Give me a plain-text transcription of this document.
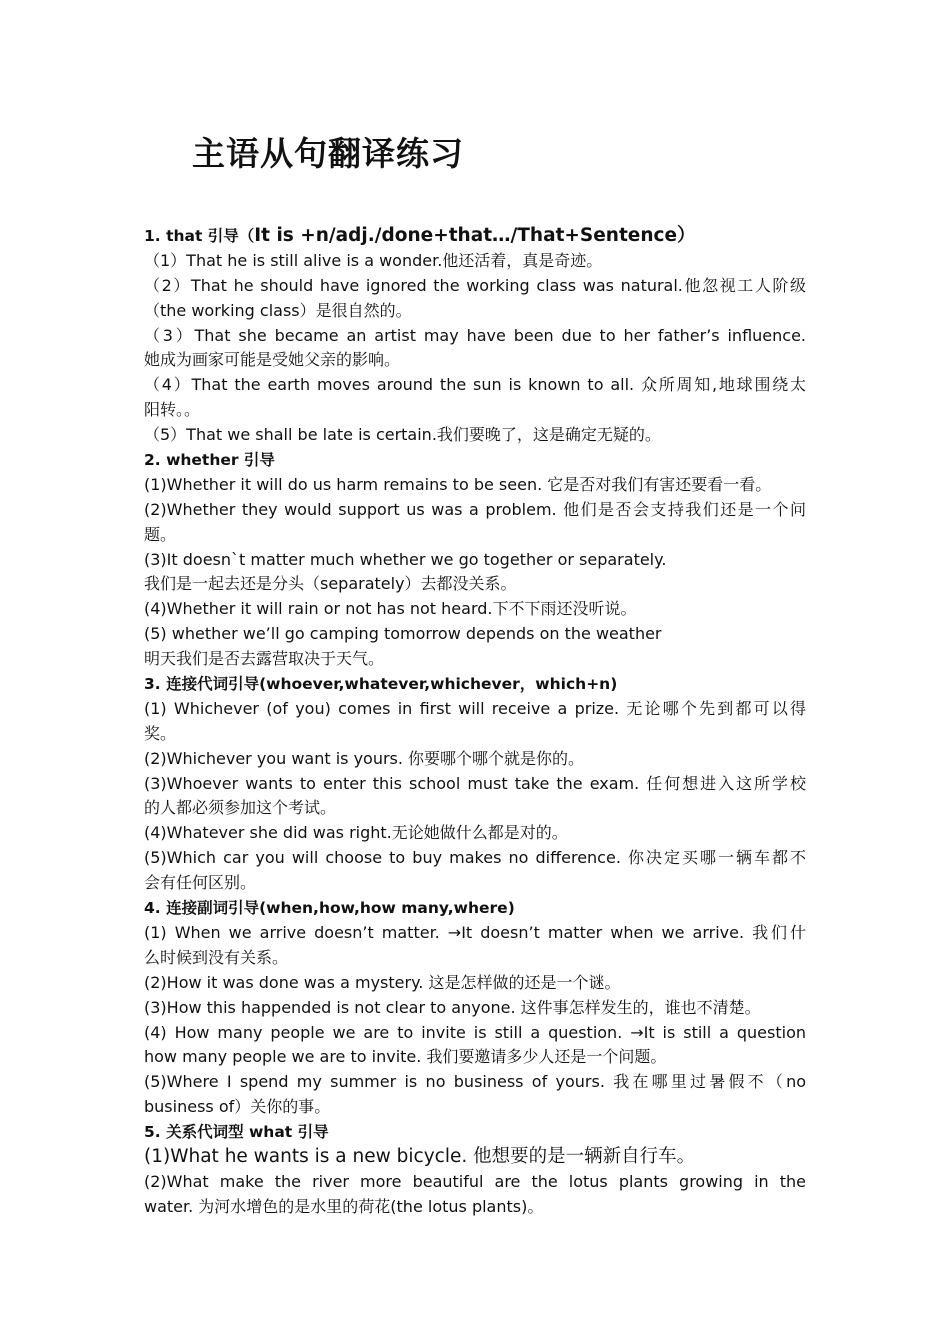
主语从句翻译练习

1. that 引导（It is +n/adj./done+that…/That+Sentence）

（1）That he is still alive is a wonder.他还活着，真是奇迹。

（2）That he should have ignored the working class was natural.他忽视工人阶级

（the working class）是很自然的。

（3）That she became an artist may have been due to her father’s influence.

她成为画家可能是受她父亲的影响。

（4）That the earth moves around the sun is known to all. 众所周知,地球围绕太

阳转。。

（5）That we shall be late is certain.我们要晚了，这是确定无疑的。

2. whether 引导

(1)Whether it will do us harm remains to be seen. 它是否对我们有害还要看一看。

(2)Whether they would support us was a problem. 他们是否会支持我们还是一个问

题。

(3)It doesn`t matter much whether we go together or separately.

我们是一起去还是分头（separately）去都没关系。

(4)Whether it will rain or not has not heard.下不下雨还没听说。

(5) whether we’ll go camping tomorrow depends on the weather

明天我们是否去露营取决于天气。

3. 连接代词引导(whoever,whatever,whichever，which+n)

(1) Whichever (of you) comes in first will receive a prize. 无论哪个先到都可以得

奖。

(2)Whichever you want is yours. 你要哪个哪个就是你的。

(3)Whoever wants to enter this school must take the exam. 任何想进入这所学校

的人都必须参加这个考试。

(4)Whatever she did was right.无论她做什么都是对的。

(5)Which car you will choose to buy makes no difference. 你决定买哪一辆车都不

会有任何区别。

4. 连接副词引导(when,how,how many,where)

(1) When we arrive doesn’t matter. →It doesn’t matter when we arrive. 我们什

么时候到没有关系。

(2)How it was done was a mystery. 这是怎样做的还是一个谜。

(3)How this happended is not clear to anyone. 这件事怎样发生的，谁也不清楚。

(4) How many people we are to invite is still a question. →It is still a question

how many people we are to invite. 我们要邀请多少人还是一个问题。

(5)Where I spend my summer is no business of yours. 我在哪里过暑假不（no

business of）关你的事。

5. 关系代词型 what 引导

(1)What he wants is a new bicycle. 他想要的是一辆新自行车。

(2)What make the river more beautiful are the lotus plants growing in the

water. 为河水增色的是水里的荷花(the lotus plants)。
